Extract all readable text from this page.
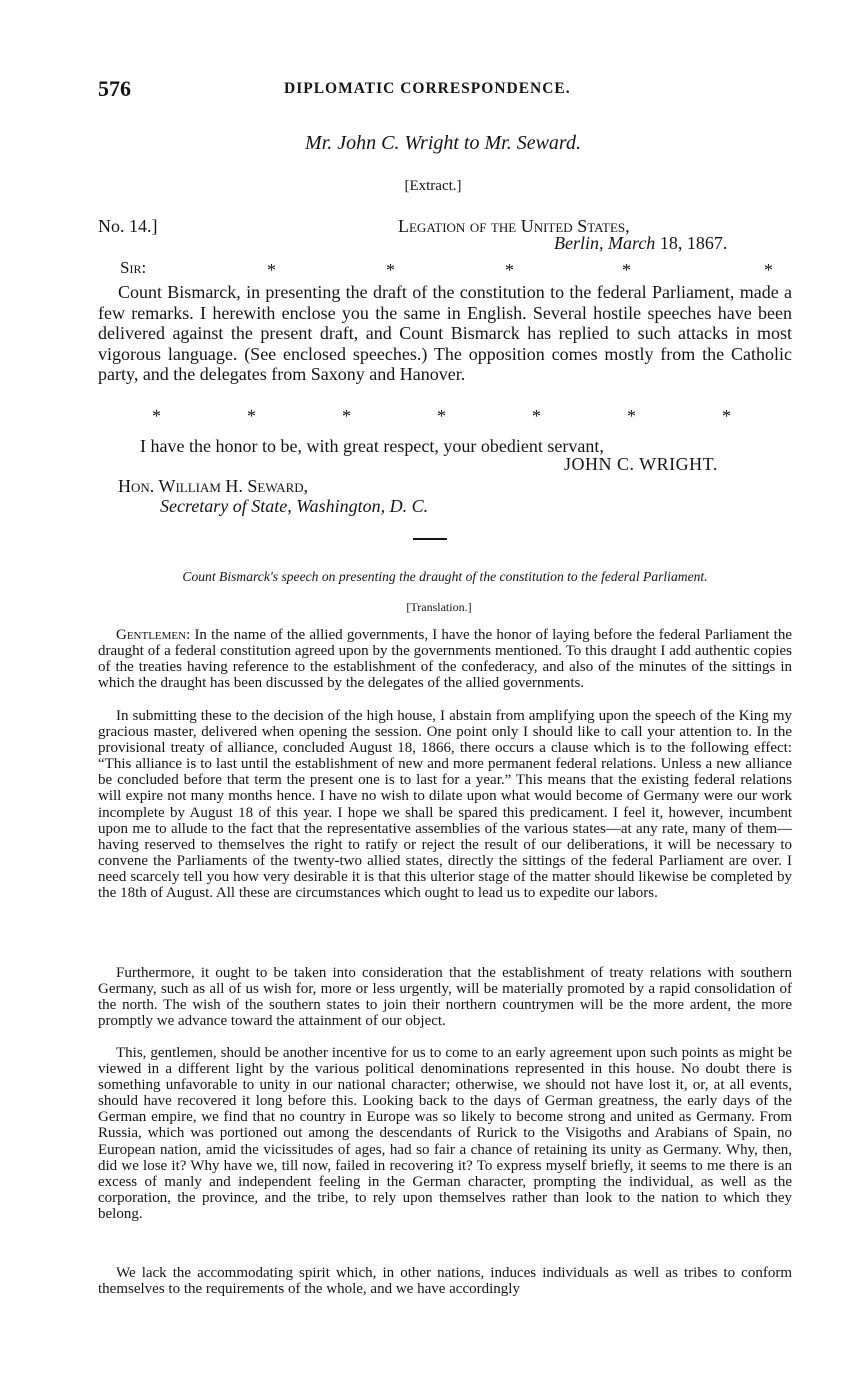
576	DIPLOMATIC CORRESPONDENCE.
Mr. John C. Wright to Mr. Seward.
[Extract.]
No. 14.]	Legation of the United States,
Berlin, March 18, 1867.
Sir:	*	*	*	*	*
Count Bismarck, in presenting the draft of the constitution to the federal Parliament, made a few remarks. I herewith enclose you the same in English. Several hostile speeches have been delivered against the present draft, and Count Bismarck has replied to such attacks in most vigorous language. (See enclosed speeches.) The opposition comes mostly from the Catholic party, and the delegates from Saxony and Hanover.
*	*	*	*	*	*	*
I have the honor to be, with great respect, your obedient servant,
JOHN C. WRIGHT.
Hon. William H. Seward,
Secretary of State, Washington, D. C.
Count Bismarck's speech on presenting the draught of the constitution to the federal Parliament.
[Translation.]
Gentlemen: In the name of the allied governments, I have the honor of laying before the federal Parliament the draught of a federal constitution agreed upon by the governments mentioned. To this draught I add authentic copies of the treaties having reference to the establishment of the confederacy, and also of the minutes of the sittings in which the draught has been discussed by the delegates of the allied governments.
In submitting these to the decision of the high house, I abstain from amplifying upon the speech of the King my gracious master, delivered when opening the session. One point only I should like to call your attention to. In the provisional treaty of alliance, concluded August 18, 1866, there occurs a clause which is to the following effect: “This alliance is to last until the establishment of new and more permanent federal relations. Unless a new alliance be concluded before that term the present one is to last for a year.” This means that the existing federal relations will expire not many months hence. I have no wish to dilate upon what would become of Germany were our work incomplete by August 18 of this year. I hope we shall be spared this predicament. I feel it, however, incumbent upon me to allude to the fact that the representative assemblies of the various states—at any rate, many of them—having reserved to themselves the right to ratify or reject the result of our deliberations, it will be necessary to convene the Parliaments of the twenty-two allied states, directly the sittings of the federal Parliament are over. I need scarcely tell you how very desirable it is that this ulterior stage of the matter should likewise be completed by the 18th of August. All these are circumstances which ought to lead us to expedite our labors.
Furthermore, it ought to be taken into consideration that the establishment of treaty relations with southern Germany, such as all of us wish for, more or less urgently, will be materially promoted by a rapid consolidation of the north. The wish of the southern states to join their northern countrymen will be the more ardent, the more promptly we advance toward the attainment of our object.
This, gentlemen, should be another incentive for us to come to an early agreement upon such points as might be viewed in a different light by the various political denominations represented in this house. No doubt there is something unfavorable to unity in our national character; otherwise, we should not have lost it, or, at all events, should have recovered it long before this. Looking back to the days of German greatness, the early days of the German empire, we find that no country in Europe was so likely to become strong and united as Germany. From Russia, which was portioned out among the descendants of Rurick to the Visigoths and Arabians of Spain, no European nation, amid the vicissitudes of ages, had so fair a chance of retaining its unity as Germany. Why, then, did we lose it? Why have we, till now, failed in recovering it? To express myself briefly, it seems to me there is an excess of manly and independent feeling in the German character, prompting the individual, as well as the corporation, the province, and the tribe, to rely upon themselves rather than look to the nation to which they belong.
We lack the accommodating spirit which, in other nations, induces individuals as well as tribes to conform themselves to the requirements of the whole, and we have accordingly
